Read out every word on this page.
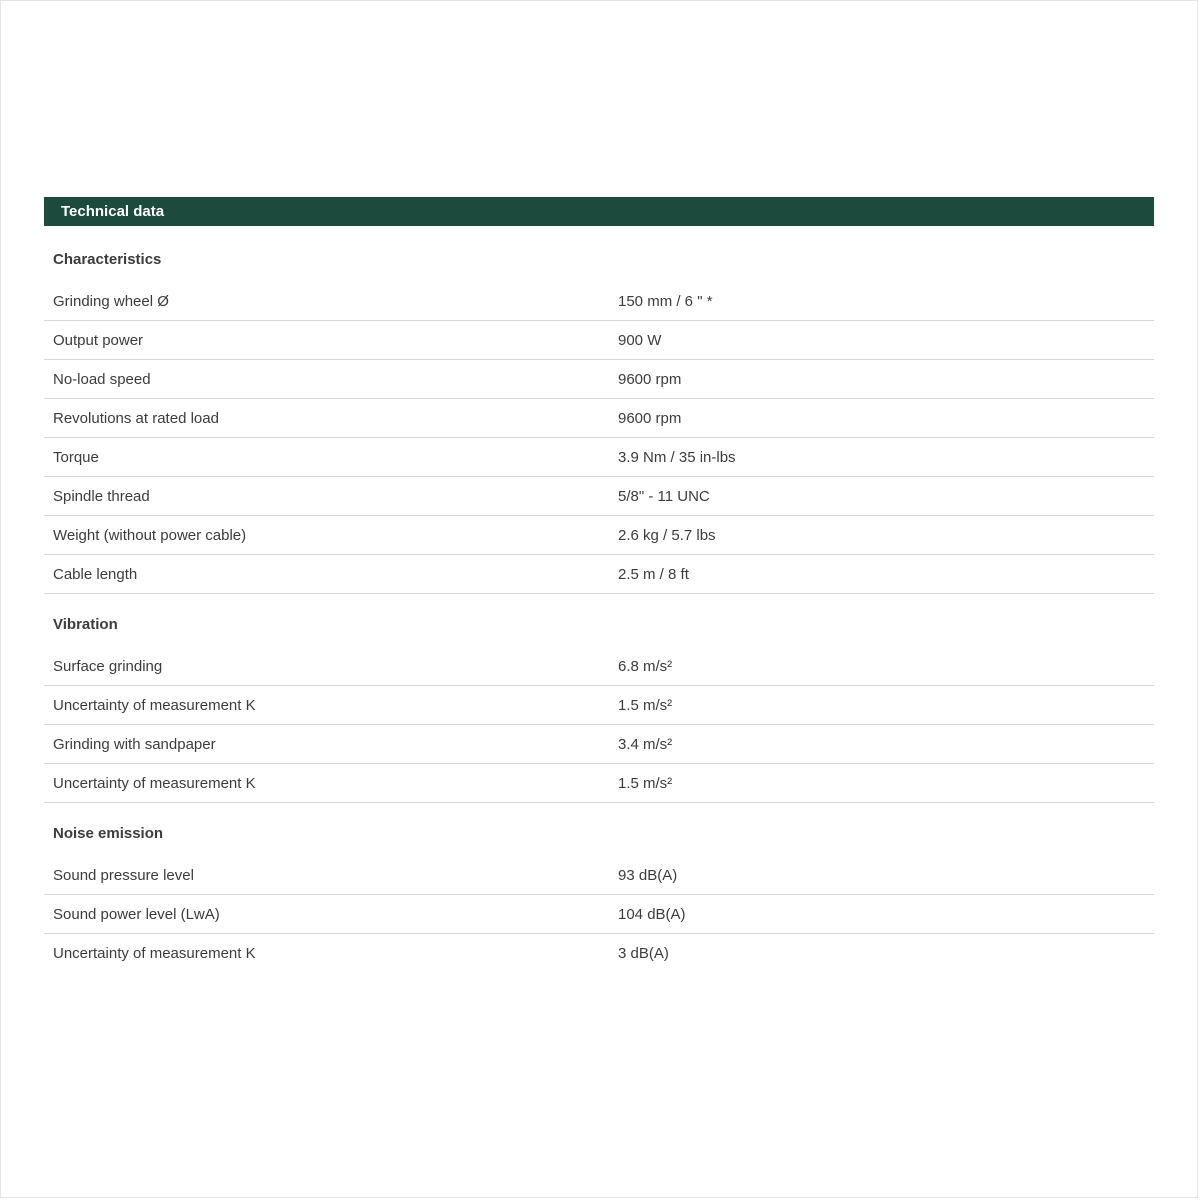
Technical data
Characteristics
Grinding wheel Ø	150 mm / 6 " *
Output power	900 W
No-load speed	9600 rpm
Revolutions at rated load	9600 rpm
Torque	3.9 Nm / 35 in-lbs
Spindle thread	5/8" - 11 UNC
Weight (without power cable)	2.6 kg / 5.7 lbs
Cable length	2.5 m / 8 ft
Vibration
Surface grinding	6.8 m/s²
Uncertainty of measurement K	1.5 m/s²
Grinding with sandpaper	3.4 m/s²
Uncertainty of measurement K	1.5 m/s²
Noise emission
Sound pressure level	93 dB(A)
Sound power level (LwA)	104 dB(A)
Uncertainty of measurement K	3 dB(A)
